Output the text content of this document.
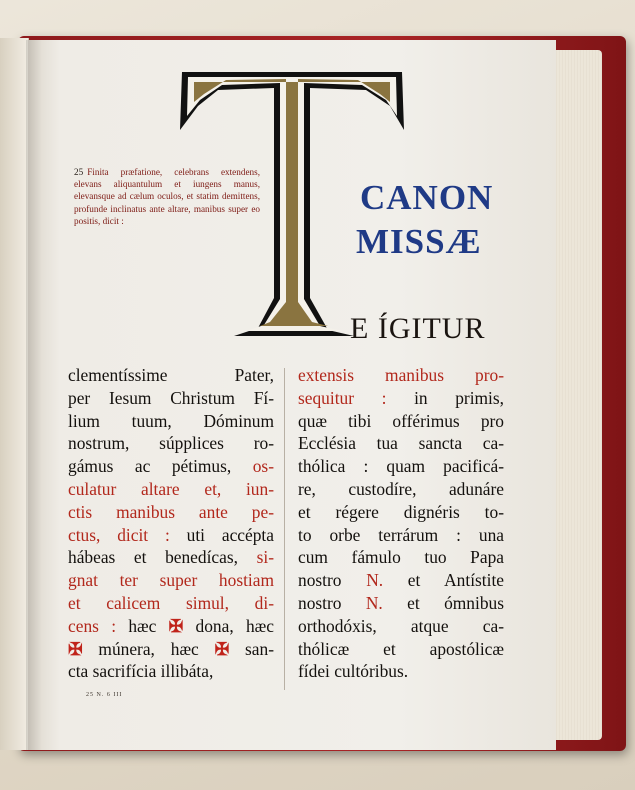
25 Finita præfatione, celebrans extendens, elevans aliquantulum et iungens manus, elevansque ad cælum oculos, et statim demittens, profunde inclinatus ante altare, manibus super eo positis, dicit :
CANON
MISSÆ
E ÍGITUR
clementíssime Pater,
per Iesum Christum Fí-
lium tuum, Dóminum
nostrum, súpplices ro-
gámus ac pétimus, os-
culatur altare et, iun-
ctis manibus ante pe-
ctus, dicit : uti accépta
hábeas et benedícas, si-
gnat ter super hostiam
et calicem simul, di-
cens : hæc ✠ dona, hæc
✠ múnera, hæc ✠ san-
cta sacrifícia illibáta,
extensis manibus pro-
sequitur : in primis,
quæ tibi offérimus pro
Ecclésia tua sancta ca-
thólica : quam pacificá-
re, custodíre, adunáre
et régere dignéris to-
to orbe terrárum : una
cum fámulo tuo Papa
nostro N. et Antístite
nostro N. et ómnibus
orthodóxis, atque ca-
thólicæ et apostólicæ
fídei cultóribus.
25 N. 6 III
